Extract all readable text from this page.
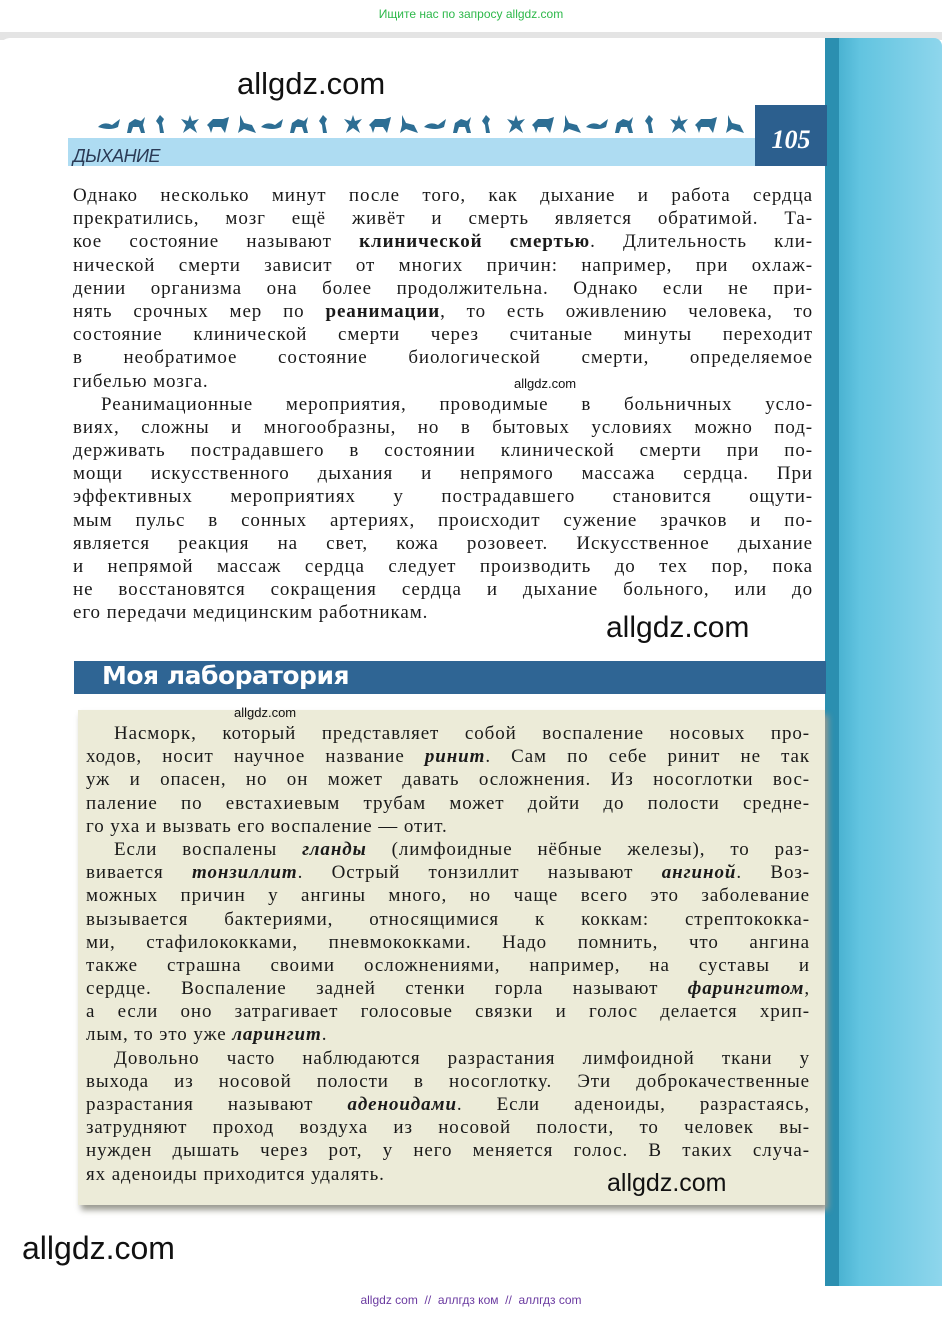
Ищите нас по запросу allgdz.com
allgdz.com
ДЫХАНИЕ
105
Однако несколько минут после того, как дыхание и работа сердца
прекратились, мозг ещё живёт и смерть является обратимой. Та-
кое состояние называют клинической смертью. Длительность кли-
нической смерти зависит от многих причин: например, при охлаж-
дении организма она более продолжительна. Однако если не при-
нять срочных мер по реанимации, то есть оживлению человека, то
состояние клинической смерти через считаные минуты переходит
в необратимое состояние биологической смерти, определяемое
гибелью мозга.
Реанимационные мероприятия, проводимые в больничных усло-
виях, сложны и многообразны, но в бытовых условиях можно под-
держивать пострадавшего в состоянии клинической смерти при по-
мощи искусственного дыхания и непрямого массажа сердца. При
эффективных мероприятиях у пострадавшего становится ощути-
мым пульс в сонных артериях, происходит сужение зрачков и по-
является реакция на свет, кожа розовеет. Искусственное дыхание
и непрямой массаж сердца следует производить до тех пор, пока
не восстановятся сокращения сердца и дыхание больного, или до
его передачи медицинским работникам.
allgdz.com
allgdz.com
Моя лаборатория
allgdz.com
Насморк, который представляет собой воспаление носовых про-
ходов, носит научное название ринит. Сам по себе ринит не так
уж и опасен, но он может давать осложнения. Из носоглотки вос-
паление по евстахиевым трубам может дойти до полости средне-
го уха и вызвать его воспаление — отит.
Если воспалены гланды (лимфоидные нёбные железы), то раз-
вивается тонзиллит. Острый тонзиллит называют ангиной. Воз-
можных причин у ангины много, но чаще всего это заболевание
вызывается бактериями, относящимися к коккам: стрептококка-
ми, стафилококками, пневмококками. Надо помнить, что ангина
также страшна своими осложнениями, например, на суставы и
сердце. Воспаление задней стенки горла называют фарингитом,
а если оно затрагивает голосовые связки и голос делается хрип-
лым, то это уже ларингит.
Довольно часто наблюдаются разрастания лимфоидной ткани у
выхода из носовой полости в носоглотку. Эти доброкачественные
разрастания называют аденоидами. Если аденоиды, разрастаясь,
затрудняют проход воздуха из носовой полости, то человек вы-
нужден дышать через рот, у него меняется голос. В таких случа-
ях аденоиды приходится удалять.	allgdz.com
allgdz.com
allgdz com  //  аллгдз ком  //  аллгдз com
